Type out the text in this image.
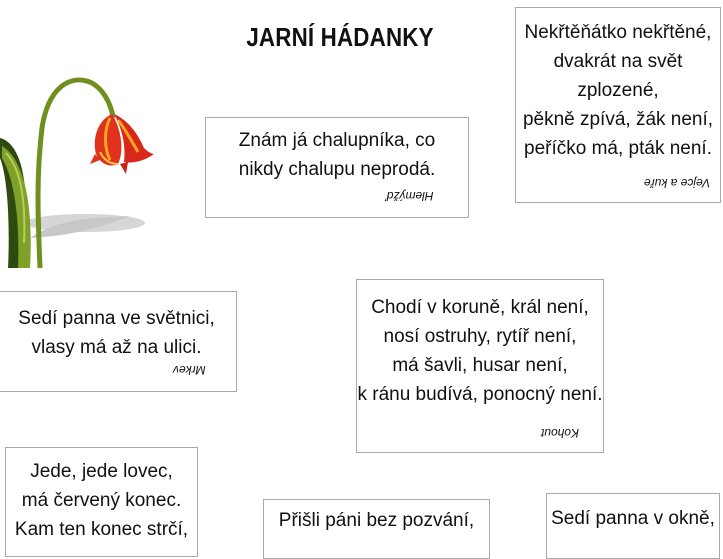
JARNÍ HÁDANKY
Znám já chalupníka, co
nikdy chalupu neprodá.
Hlemýžď
Nekřtěňátko nekřtěné,
dvakrát na svět
zplozené,
pěkně zpívá, žák není,
peříčko má, pták není.
Vejce a kuře
Sedí panna ve světnici,
vlasy má až na ulici.
Mrkev
Chodí v koruně, král není,
nosí ostruhy, rytíř není,
má šavli, husar není,
k ránu budívá, ponocný není.
Kohout
Jede, jede lovec,
má červený konec.
Kam ten konec strčí,	Přišli páni bez pozvání,	Sedí panna v okně,
